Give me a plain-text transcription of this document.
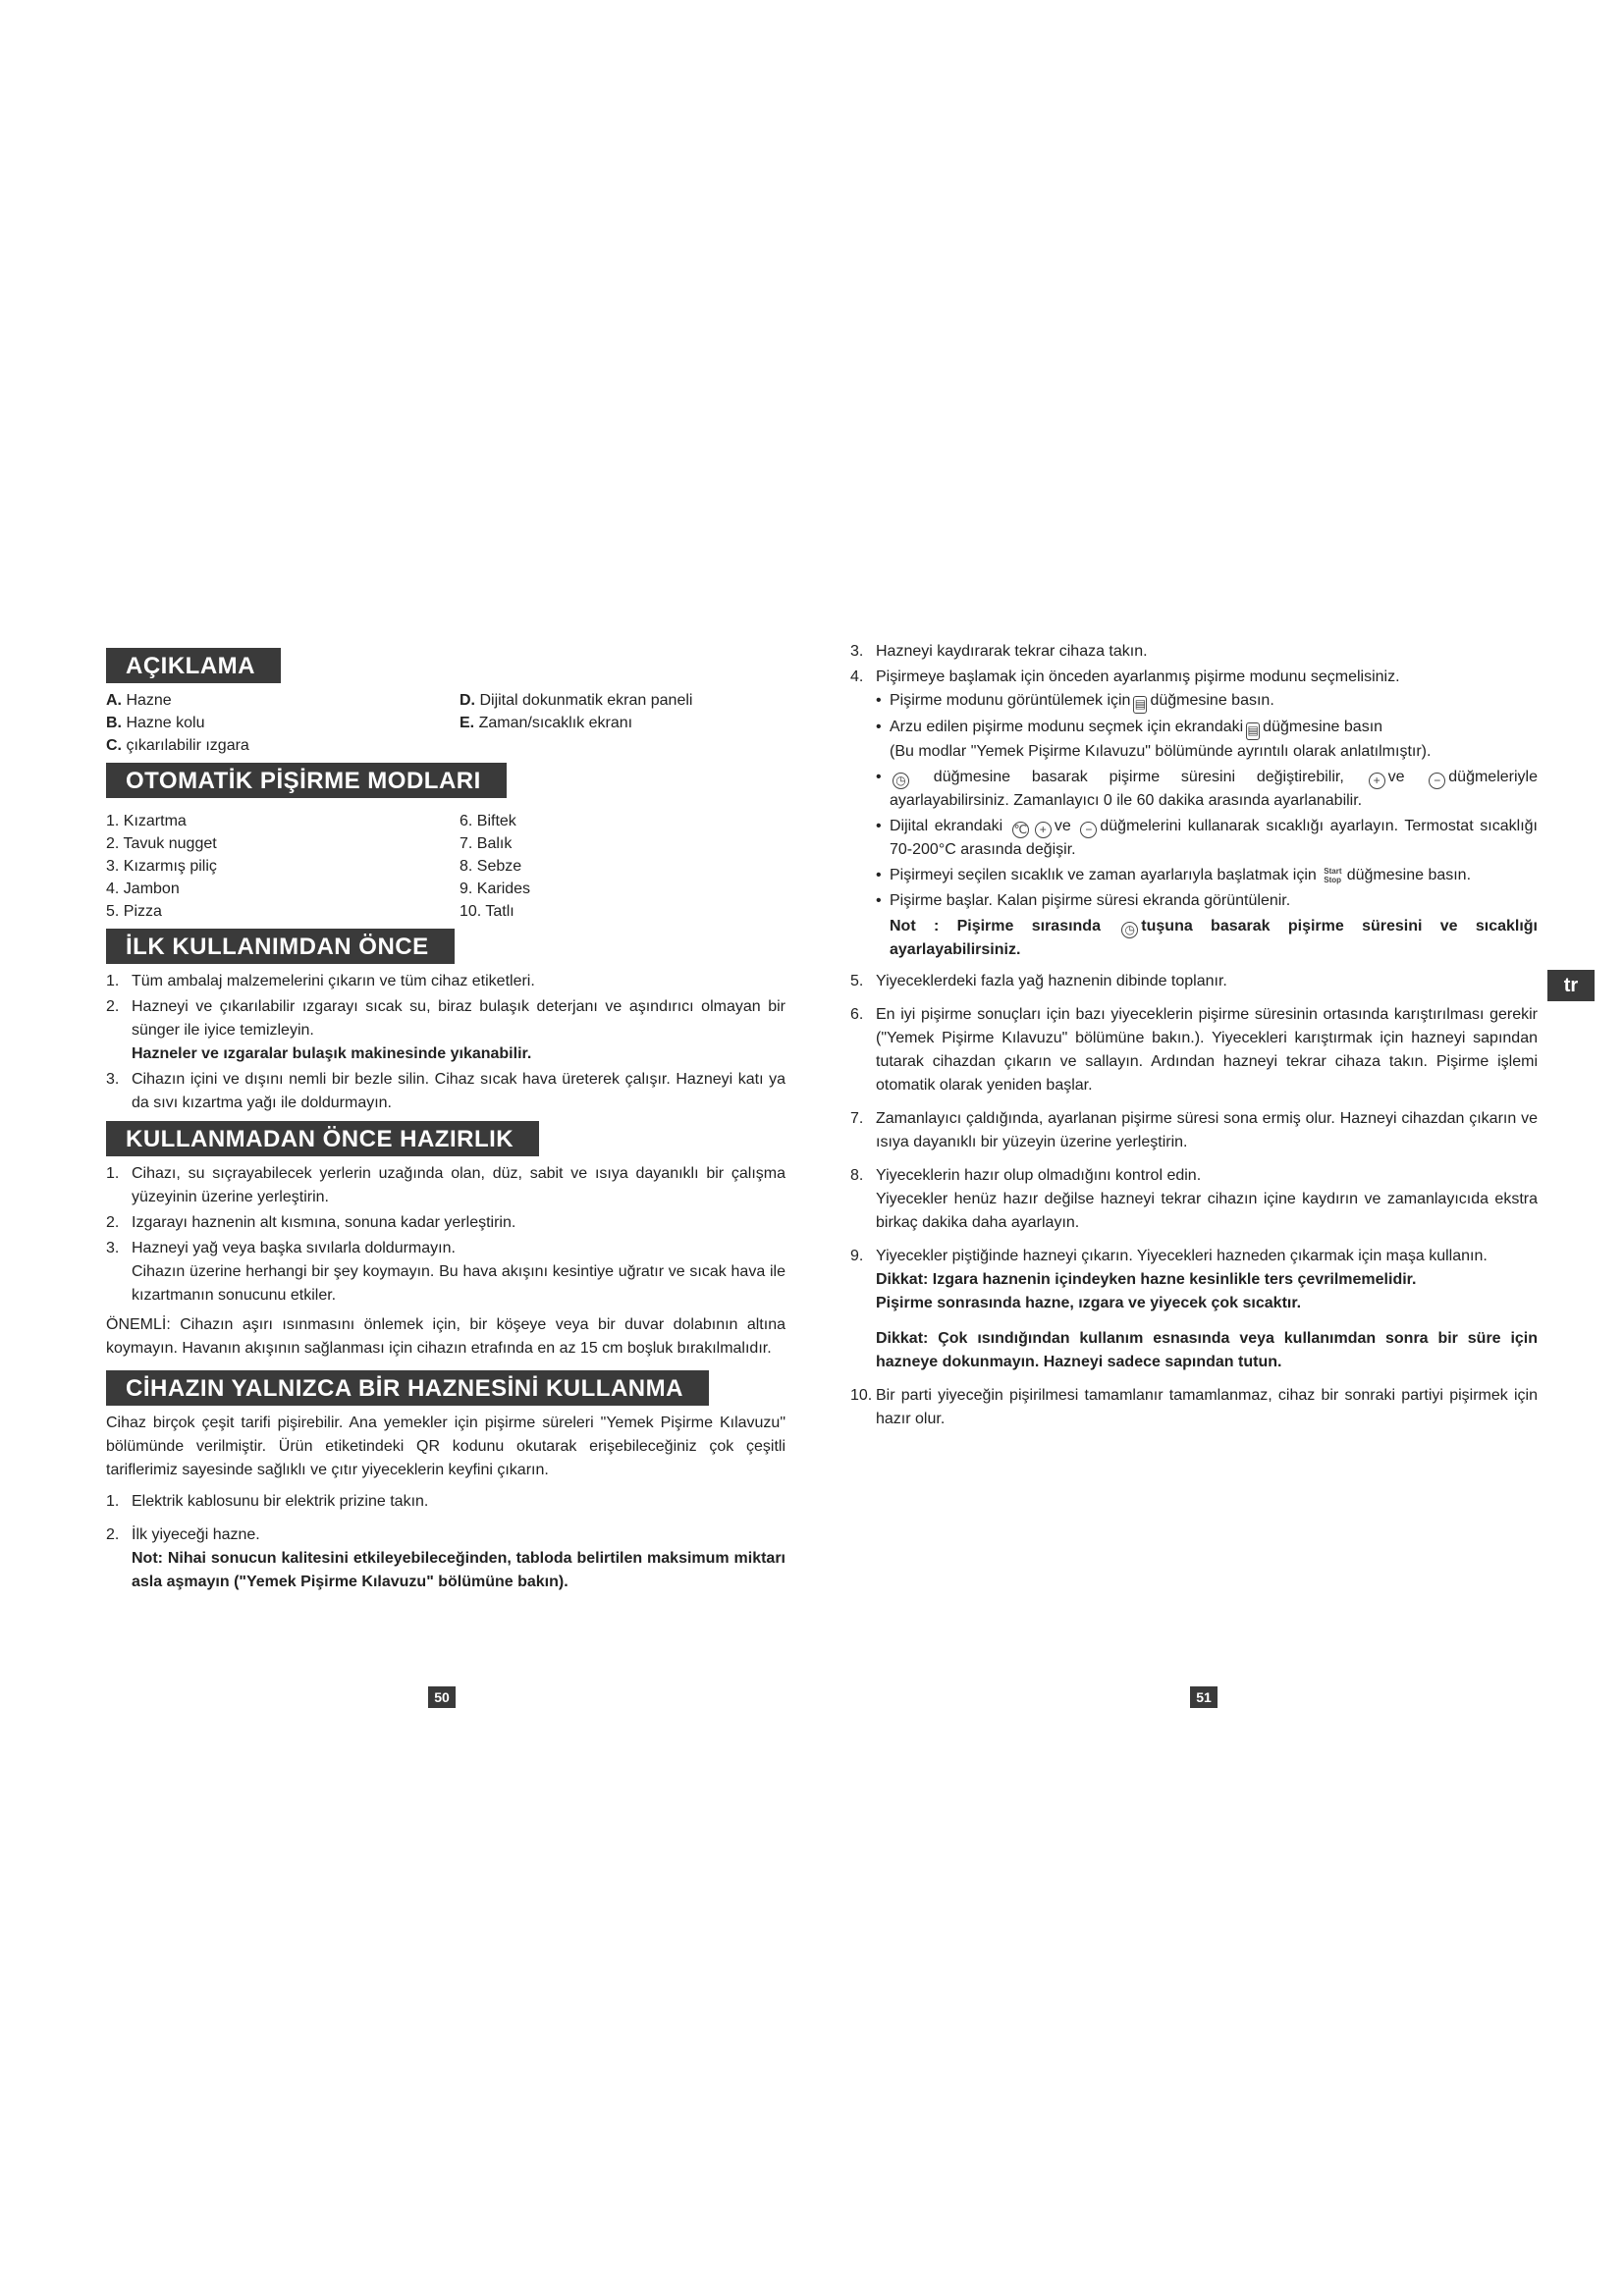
AÇIKLAMA
A. Hazne	D. Dijital dokunmatik ekran paneli
B. Hazne kolu	E. Zaman/sıcaklık ekranı
C. çıkarılabilir ızgara
OTOMATİK PİŞİRME MODLARI
1. Kızartma	6. Biftek
2. Tavuk nugget	7. Balık
3. Kızarmış piliç	8. Sebze
4. Jambon	9. Karides
5. Pizza	10. Tatlı
İLK KULLANIMDAN ÖNCE
1. Tüm ambalaj malzemelerini çıkarın ve tüm cihaz etiketleri.
2. Hazneyi ve çıkarılabilir ızgarayı sıcak su, biraz bulaşık deterjanı ve aşındırıcı olmayan bir sünger ile iyice temizleyin.
Hazneler ve ızgaralar bulaşık makinesinde yıkanabilir.
3. Cihazın içini ve dışını nemli bir bezle silin. Cihaz sıcak hava üreterek çalışır. Hazneyi katı ya da sıvı kızartma yağı ile doldurmayın.
KULLANMADAN ÖNCE HAZIRLIK
1. Cihazı, su sıçrayabilecek yerlerin uzağında olan, düz, sabit ve ısıya dayanıklı bir çalışma yüzeyinin üzerine yerleştirin.
2. Izgarayı haznenin alt kısmına, sonuna kadar yerleştirin.
3. Hazneyi yağ veya başka sıvılarla doldurmayın.
Cihazın üzerine herhangi bir şey koymayın. Bu hava akışını kesintiye uğratır ve sıcak hava ile kızartmanın sonucunu etkiler.

ÖNEMLİ: Cihazın aşırı ısınmasını önlemek için, bir köşeye veya bir duvar dolabının altına koymayın. Havanın akışının sağlanması için cihazın etrafında en az 15 cm boşluk bırakılmalıdır.

CİHAZIN YALNIZCA BİR HAZNESİNİ KULLANMA

Cihaz birçok çeşit tarifi pişirebilir. Ana yemekler için pişirme süreleri "Yemek Pişirme Kılavuzu" bölümünde verilmiştir. Ürün etiketindeki QR kodunu okutarak erişebileceğiniz çok çeşitli tariflerimiz sayesinde sağlıklı ve çıtır yiyeceklerin keyfini çıkarın.

1. Elektrik kablosunu bir elektrik prizine takın.
2. İlk yiyeceği hazne.
Not: Nihai sonucun kalitesini etkileyebileceğinden, tabloda belirtilen maksimum miktarı asla aşmayın ("Yemek Pişirme Kılavuzu" bölümüne bakın).
50
3. Hazneyi kaydırarak tekrar cihaza takın.
4. Pişirmeye başlamak için önceden ayarlanmış pişirme modunu seçmelisiniz.
• Pişirme modunu görüntülemek için ▤ düğmesine basın.
• Arzu edilen pişirme modunu seçmek için ekrandaki ▤ düğmesine basın
(Bu modlar "Yemek Pişirme Kılavuzu" bölümünde ayrıntılı olarak anlatılmıştır).
• ◷ düğmesine basarak pişirme süresini değiştirebilir, + ve − düğmeleriyle ayarlayabilirsiniz. Zamanlayıcı 0 ile 60 dakika arasında ayarlanabilir.
• Dijital ekrandaki ℃ + ve − düğmelerini kullanarak sıcaklığı ayarlayın. Termostat sıcaklığı 70-200°C arasında değişir.
• Pişirmeyi seçilen sıcaklık ve zaman ayarlarıyla başlatmak için Start
Stop düğmesine basın.
• Pişirme başlar. Kalan pişirme süresi ekranda görüntülenir.
Not : Pişirme sırasında ◷ tuşuna basarak pişirme süresini ve sıcaklığı ayarlayabilirsiniz.
5. Yiyeceklerdeki fazla yağ haznenin dibinde toplanır.
6. En iyi pişirme sonuçları için bazı yiyeceklerin pişirme süresinin ortasında karıştırılması gerekir ("Yemek Pişirme Kılavuzu" bölümüne bakın.). Yiyecekleri karıştırmak için hazneyi sapından tutarak cihazdan çıkarın ve sallayın. Ardından hazneyi tekrar cihaza takın. Pişirme işlemi otomatik olarak yeniden başlar.
7. Zamanlayıcı çaldığında, ayarlanan pişirme süresi sona ermiş olur. Hazneyi cihazdan çıkarın ve ısıya dayanıklı bir yüzeyin üzerine yerleştirin.
8. Yiyeceklerin hazır olup olmadığını kontrol edin.
Yiyecekler henüz hazır değilse hazneyi tekrar cihazın içine kaydırın ve zamanlayıcıda ekstra birkaç dakika daha ayarlayın.
9. Yiyecekler piştiğinde hazneyi çıkarın. Yiyecekleri hazneden çıkarmak için maşa kullanın.
Dikkat: Izgara haznenin içindeyken hazne kesinlikle ters çevrilmemelidir.
Pişirme sonrasında hazne, ızgara ve yiyecek çok sıcaktır.
Dikkat: Çok ısındığından kullanım esnasında veya kullanımdan sonra bir süre için hazneye dokunmayın. Hazneyi sadece sapından tutun.
10. Bir parti yiyeceğin pişirilmesi tamamlanır tamamlanmaz, cihaz bir sonraki partiyi pişirmek için hazır olur.
tr
51
